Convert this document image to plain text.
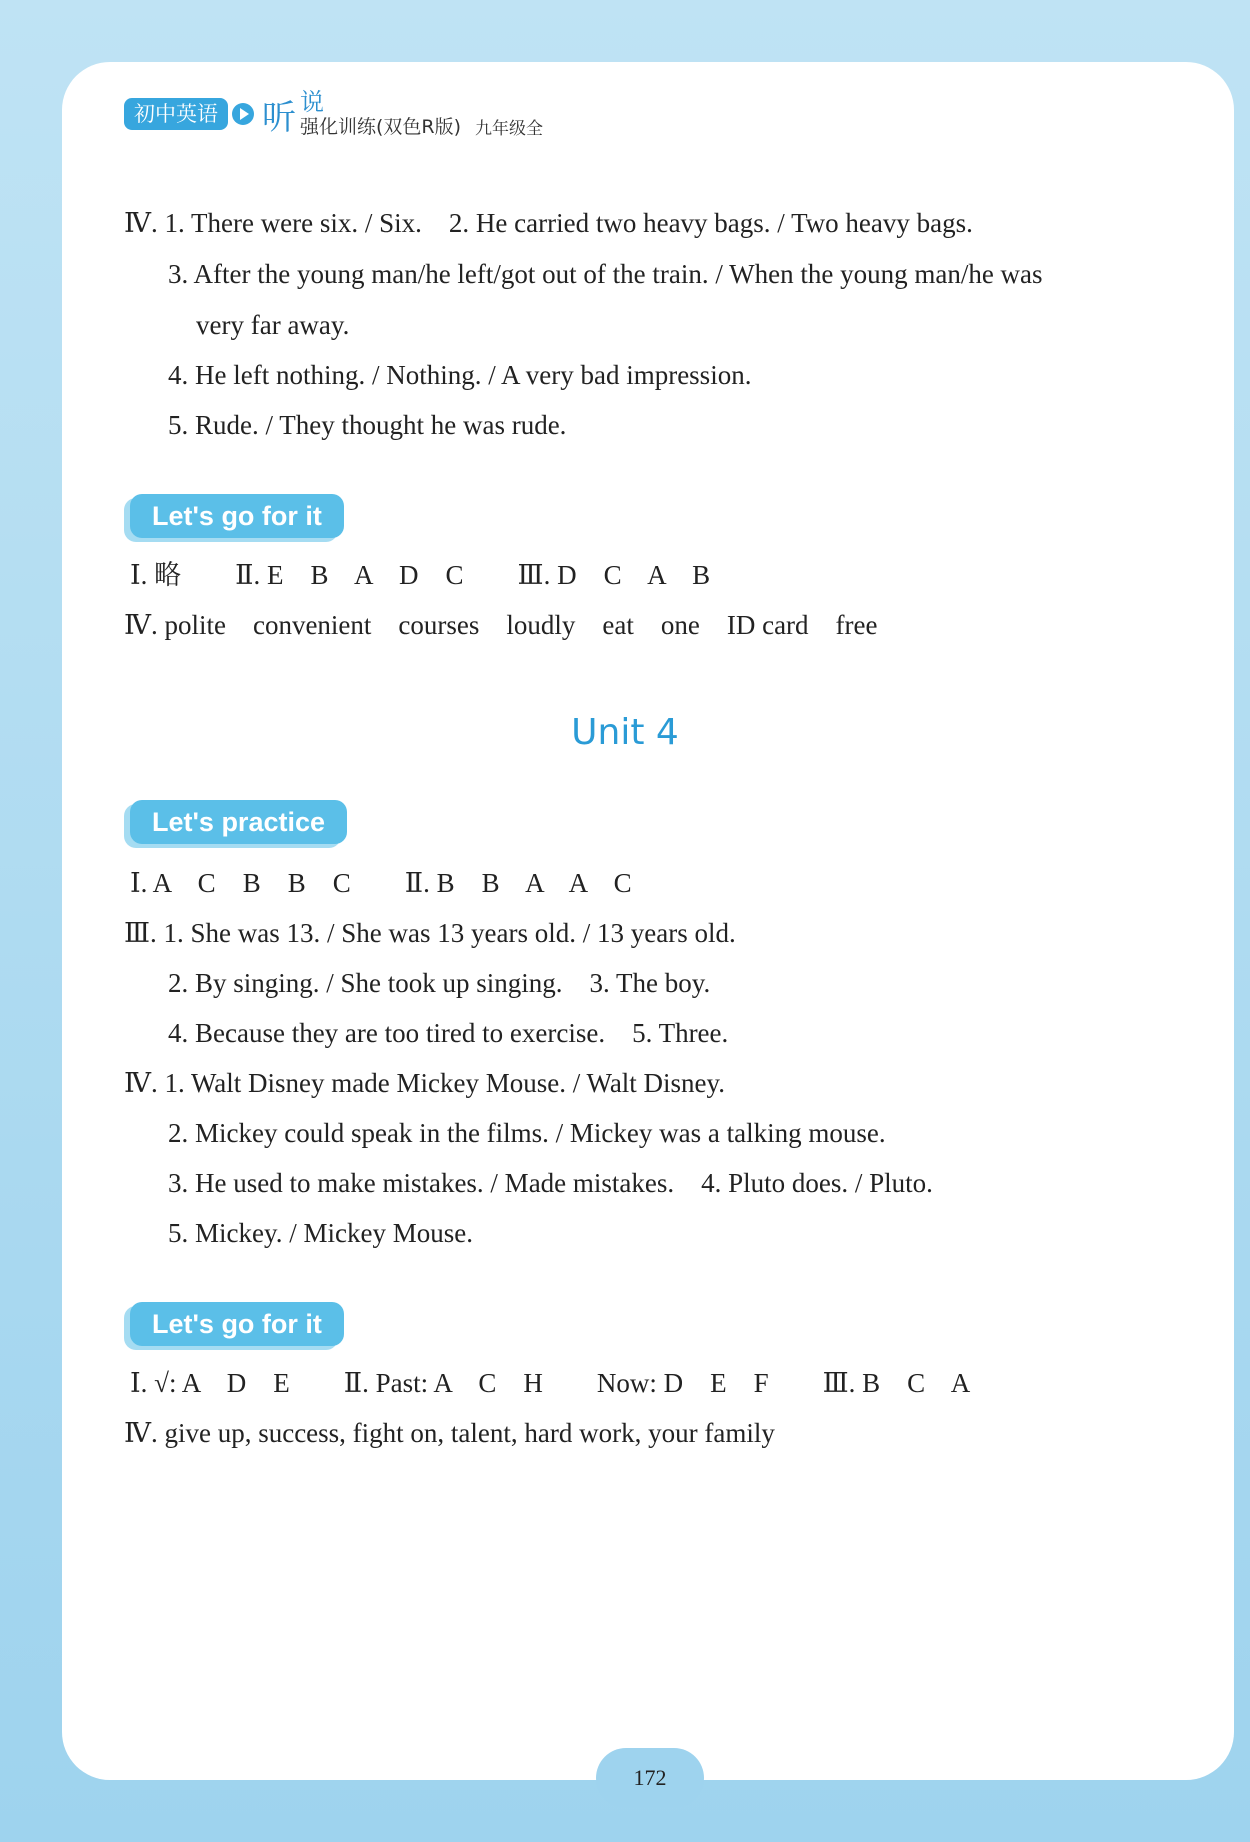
初中英语 听 说
强化训练(双色R版) 九年级全
Ⅳ. 1. There were six. / Six.    2. He carried two heavy bags. / Two heavy bags.
3. After the young man/he left/got out of the train. / When the young man/he was
very far away.
4. He left nothing. / Nothing. / A very bad impression.
5. Rude. / They thought he was rude.
Let's go for it
Ⅰ. 略        Ⅱ. E    B    A    D    C        Ⅲ. D    C    A    B
Ⅳ. polite    convenient    courses    loudly    eat    one    ID card    free
Unit 4
Let's practice
Ⅰ. A    C    B    B    C        Ⅱ. B    B    A    A    C
Ⅲ. 1. She was 13. / She was 13 years old. / 13 years old.
2. By singing. / She took up singing.    3. The boy.
4. Because they are too tired to exercise.    5. Three.
Ⅳ. 1. Walt Disney made Mickey Mouse. / Walt Disney.
2. Mickey could speak in the films. / Mickey was a talking mouse.
3. He used to make mistakes. / Made mistakes.    4. Pluto does. / Pluto.
5. Mickey. / Mickey Mouse.
Let's go for it
Ⅰ. √: A    D    E        Ⅱ. Past: A    C    H        Now: D    E    F        Ⅲ. B    C    A
Ⅳ. give up, success, fight on, talent, hard work, your family
172
